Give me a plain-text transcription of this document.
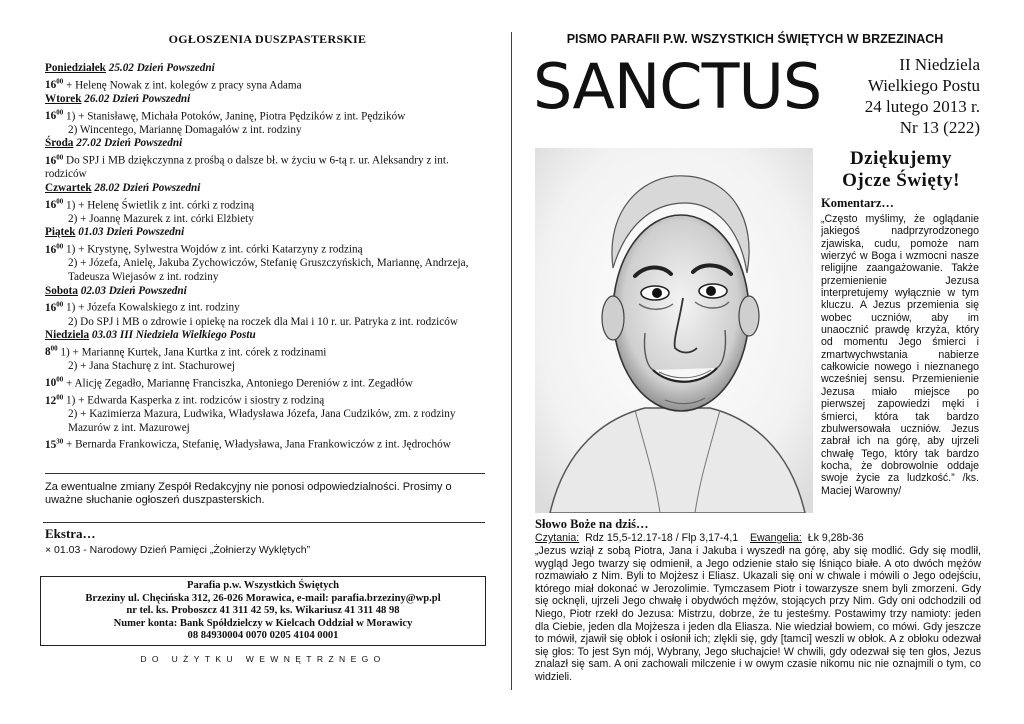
OGŁOSZENIA DUSZPASTERSKIE
Poniedziałek 25.02 Dzień Powszedni
$16^{00}$ + Helenę Nowak z int. kolegów z pracy syna Adama
Wtorek 26.02 Dzień Powszedni
$16^{00}$ 1) + Stanisławę, Michała Potoków, Janinę, Piotra Pędzików z int. Pędzików
2) Wincentego, Mariannę Domagałów z int. rodziny
Środa 27.02 Dzień Powszedni
$16^{00}$ Do SPJ i MB dziękczynna z prośbą o dalsze bł. w życiu w 6-tą r. ur. Aleksandry z int. rodziców
Czwartek 28.02 Dzień Powszedni
$16^{00}$ 1) + Helenę Świetlik z int. córki z rodziną
2) + Joannę Mazurek z int. córki Elżbiety
Piątek 01.03 Dzień Powszedni
$16^{00}$ 1) + Krystynę, Sylwestra Wojdów z int. córki Katarzyny z rodziną
2) + Józefa, Anielę, Jakuba Zychowiczów, Stefanię Gruszczyńskich, Mariannę, Andrzeja, Tadeusza Wiejasów z int. rodziny
Sobota 02.03 Dzień Powszedni
$16^{00}$ 1) + Józefa Kowalskiego z int. rodziny
2) Do SPJ i MB o zdrowie i opiekę na roczek dla Mai i 10 r. ur. Patryka z int. rodziców
Niedziela 03.03 III Niedziela Wielkiego Postu
$8^{00}$ 1) + Mariannę Kurtek, Jana Kurtka z int. córek z rodzinami
2) + Jana Stachurę z int. Stachurowej
$10^{00}$ + Alicję Zegadło, Mariannę Franciszka, Antoniego Dereniów z int. Zegadłów
$12^{00}$ 1) + Edwarda Kasperka z int. rodziców i siostry z rodziną
2) + Kazimierza Mazura, Ludwika, Władysława Józefa, Jana Cudzików, zm. z rodziny Mazurów z int. Mazurowej
$15^{30}$ + Bernarda Frankowicza, Stefanię, Władysława, Jana Frankowiczów z int. Jędrochów
Za ewentualne zmiany Zespół Redakcyjny nie ponosi odpowiedzialności. Prosimy o uważne słuchanie ogłoszeń duszpasterskich.
Ekstra…
× 01.03 - Narodowy Dzień Pamięci „Żołnierzy Wyklętych”
Parafia p.w. Wszystkich Świętych
Brzeziny ul. Chęcińska 312, 26-026 Morawica, e-mail: parafia.brzeziny@wp.pl
nr tel. ks. Proboszcz 41 311 42 59, ks. Wikariusz 41 311 48 98
Numer konta: Bank Spółdzielczy w Kielcach Oddział w Morawicy
08 84930004 0070 0205 4104 0001
DO UŻYTKU WEWNĘTRZNEGO
PISMO PARAFII P.W. WSZYSTKICH ŚWIĘTYCH W BRZEZINACH
SANCTUS	II Niedziela
Wielkiego Postu
24 lutego 2013 r.
Nr 13 (222)
Dziękujemy
Ojcze Święty!
Komentarz…
„Często myślimy, że oglądanie jakiegoś nadprzyrodzonego zjawiska, cudu, pomoże nam wierzyć w Boga i wzmocni nasze religijne zaangażowanie. Także przemienienie Jezusa interpretujemy wyłącznie w tym kluczu. A Jezus przemienia się wobec uczniów, aby im unaocznić prawdę krzyża, który od momentu Jego śmierci i zmartwychwstania nabierze całkowicie nowego i nieznanego wcześniej sensu. Przemienienie Jezusa miało miejsce po pierwszej zapowiedzi męki i śmierci, która tak bardzo zbulwersowała uczniów. Jezus zabrał ich na górę, aby ujrzeli chwałę Tego, który tak bardzo kocha, że dobrowolnie oddaje swoje życie za ludzkość.” /ks. Maciej Warowny/
Słowo Boże na dziś…
Czytania: Rdz 15,5-12.17-18 / Flp 3,17-4,1 Ewangelia: Łk 9,28b-36
„Jezus wziął z sobą Piotra, Jana i Jakuba i wyszedł na górę, aby się modlić. Gdy się modlił, wygląd Jego twarzy się odmienił, a Jego odzienie stało się lśniąco białe. A oto dwóch mężów rozmawiało z Nim. Byli to Mojżesz i Eliasz. Ukazali się oni w chwale i mówili o Jego odejściu, którego miał dokonać w Jerozolimie. Tymczasem Piotr i towarzysze snem byli zmorzeni. Gdy się ocknęli, ujrzeli Jego chwałę i obydwóch mężów, stojących przy Nim. Gdy oni odchodzili od Niego, Piotr rzekł do Jezusa: Mistrzu, dobrze, że tu jesteśmy. Postawimy trzy namioty: jeden dla Ciebie, jeden dla Mojżesza i jeden dla Eliasza. Nie wiedział bowiem, co mówi. Gdy jeszcze to mówił, zjawił się obłok i osłonił ich; zlękli się, gdy [tamci] weszli w obłok. A z obłoku odezwał się głos: To jest Syn mój, Wybrany, Jego słuchajcie! W chwili, gdy odezwał się ten głos, Jezus znalazł się sam. A oni zachowali milczenie i w owym czasie nikomu nic nie oznajmili o tym, co widzieli.
